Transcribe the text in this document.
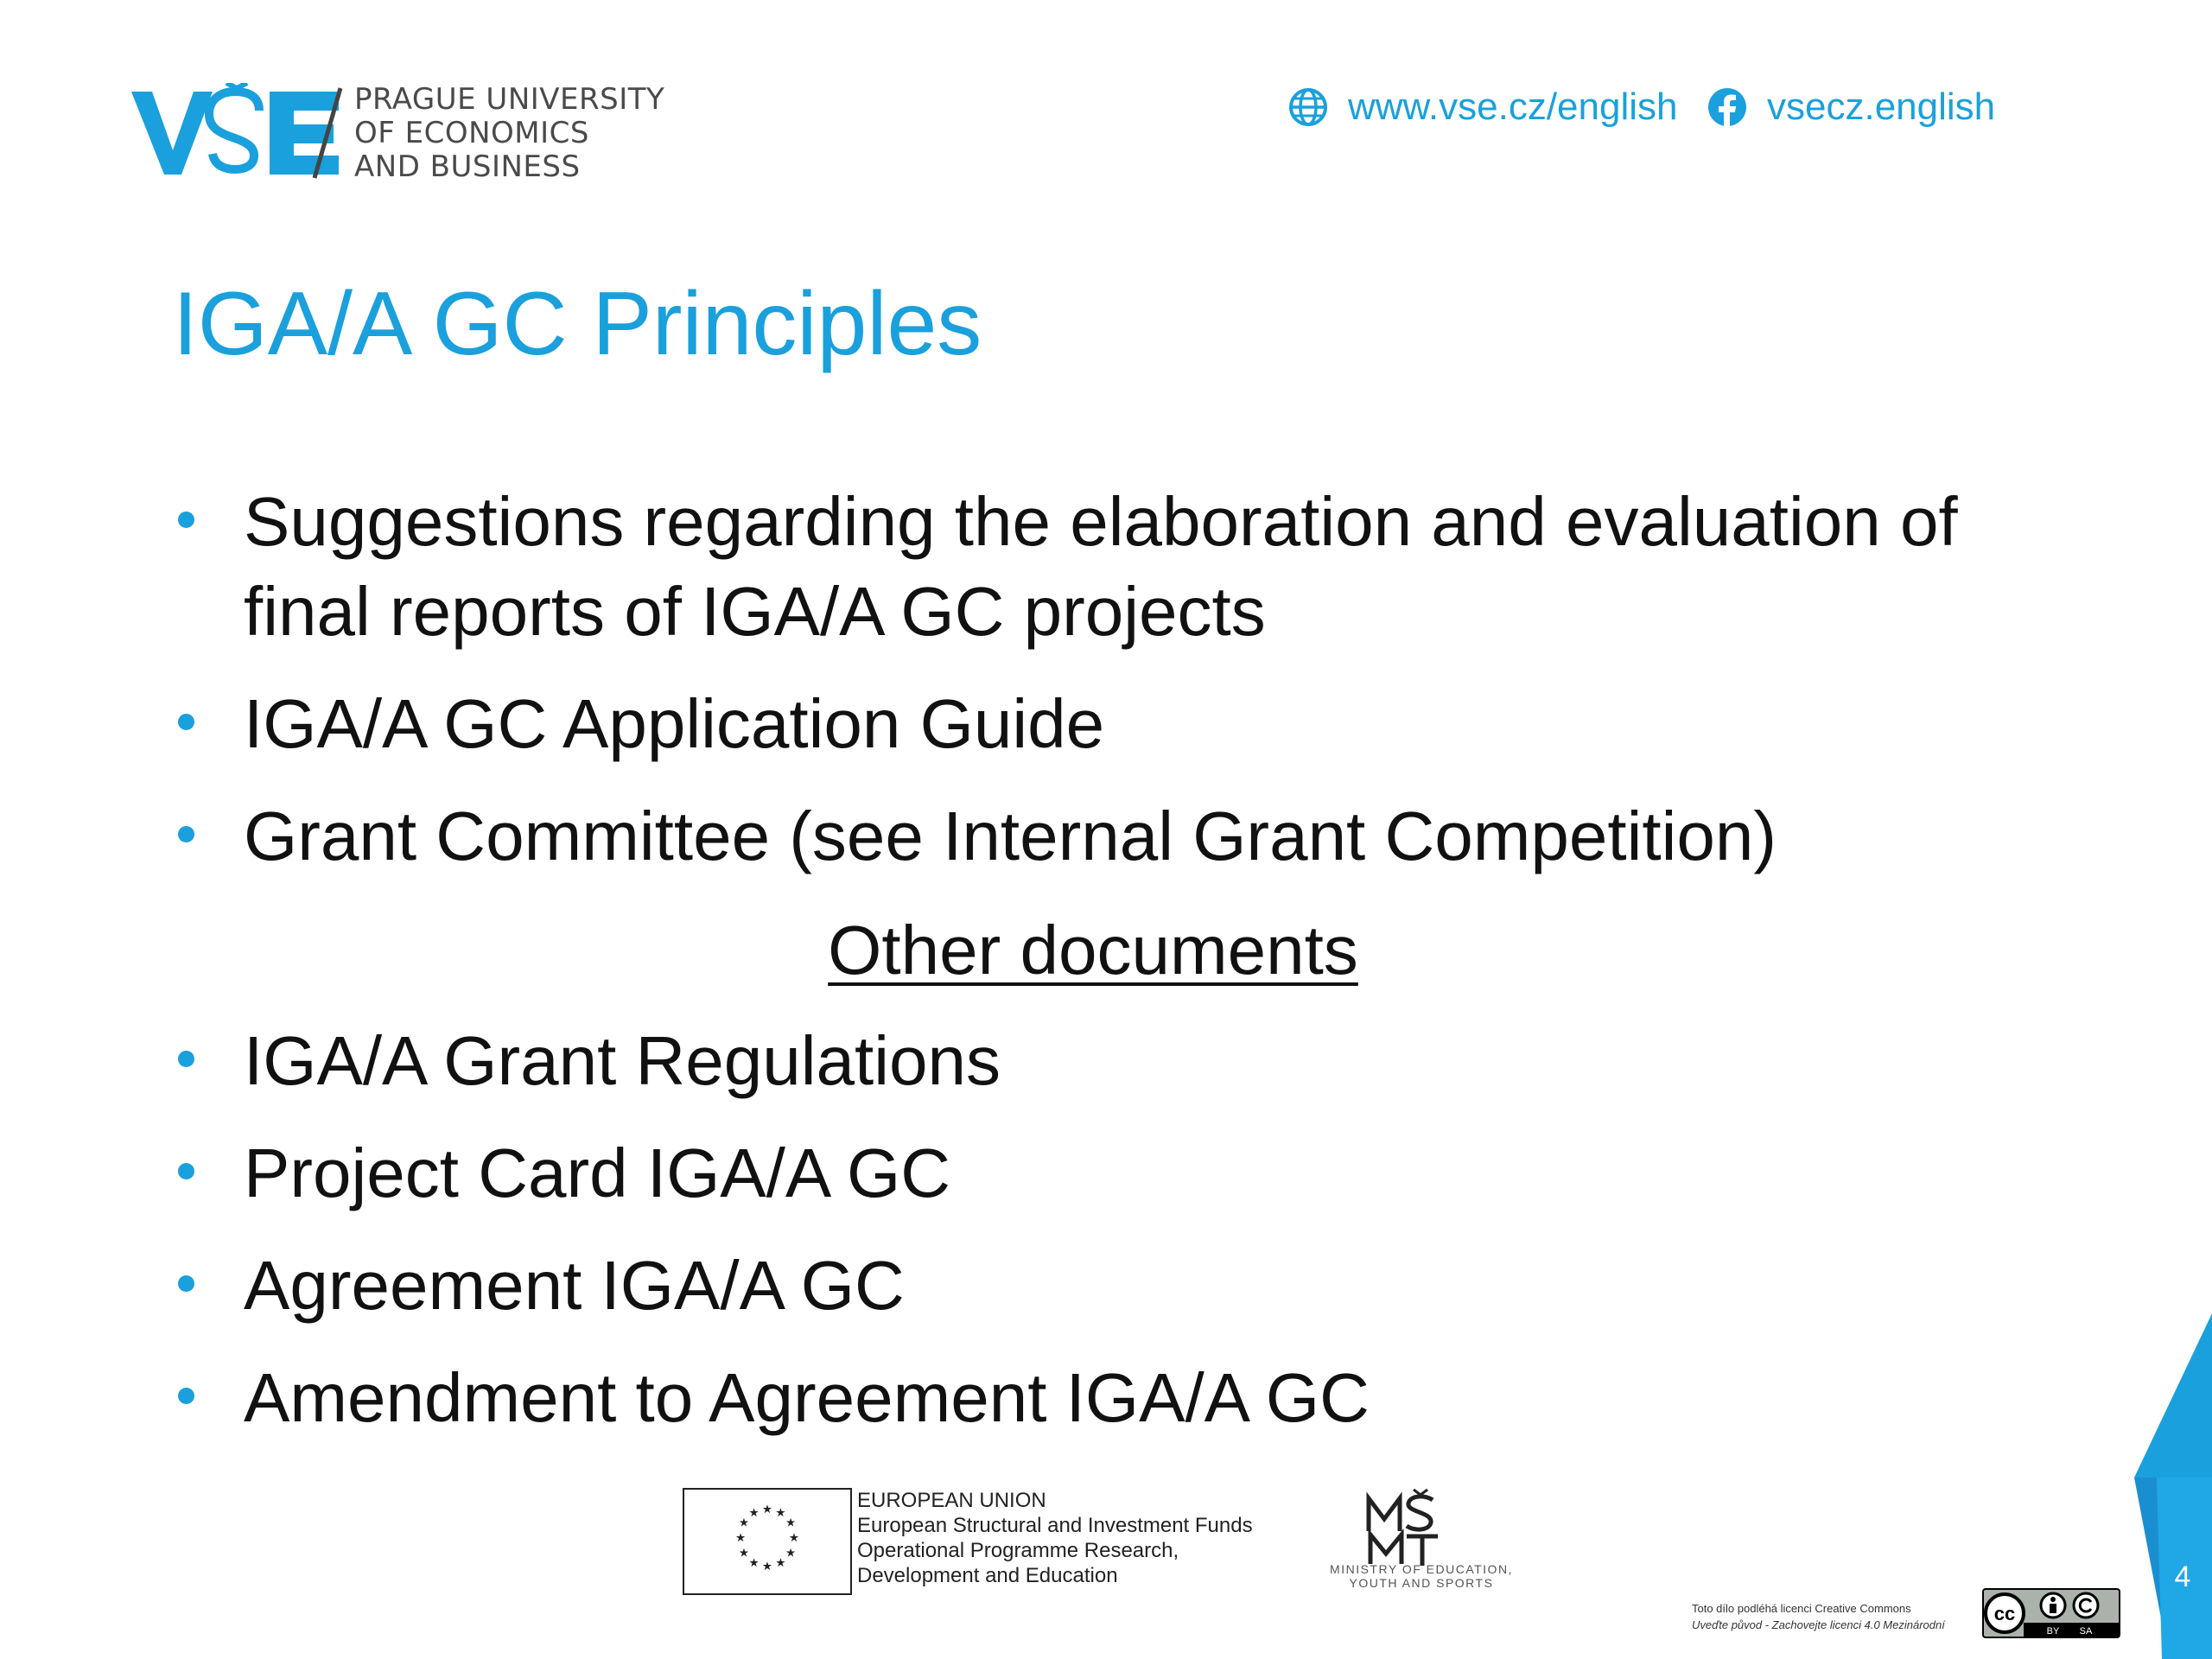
PRAGUE UNIVERSITY
OF ECONOMICS
AND BUSINESS
www.vse.cz/english vsecz.english
IGA/A GC Principles
Suggestions regarding the elaboration and evaluation of final reports of IGA/A GC projects
IGA/A GC Application Guide
Grant Committee (see Internal Grant Competition)
Other documents
IGA/A Grant Regulations
Project Card IGA/A GC
Agreement IGA/A GC
Amendment to Agreement IGA/A GC
★ ★
★
★
★
★
★
★
★
★
★
★
EUROPEAN UNION
European Structural and Investment Funds
Operational Programme Research,
Development and Education	MINISTRY OF EDUCATION,
YOUTH AND SPORTS
Toto dílo podléhá licenci Creative Commons
Uveďte původ - Zachovejte licenci 4.0 Mezinárodní
cc
BY SA
4
